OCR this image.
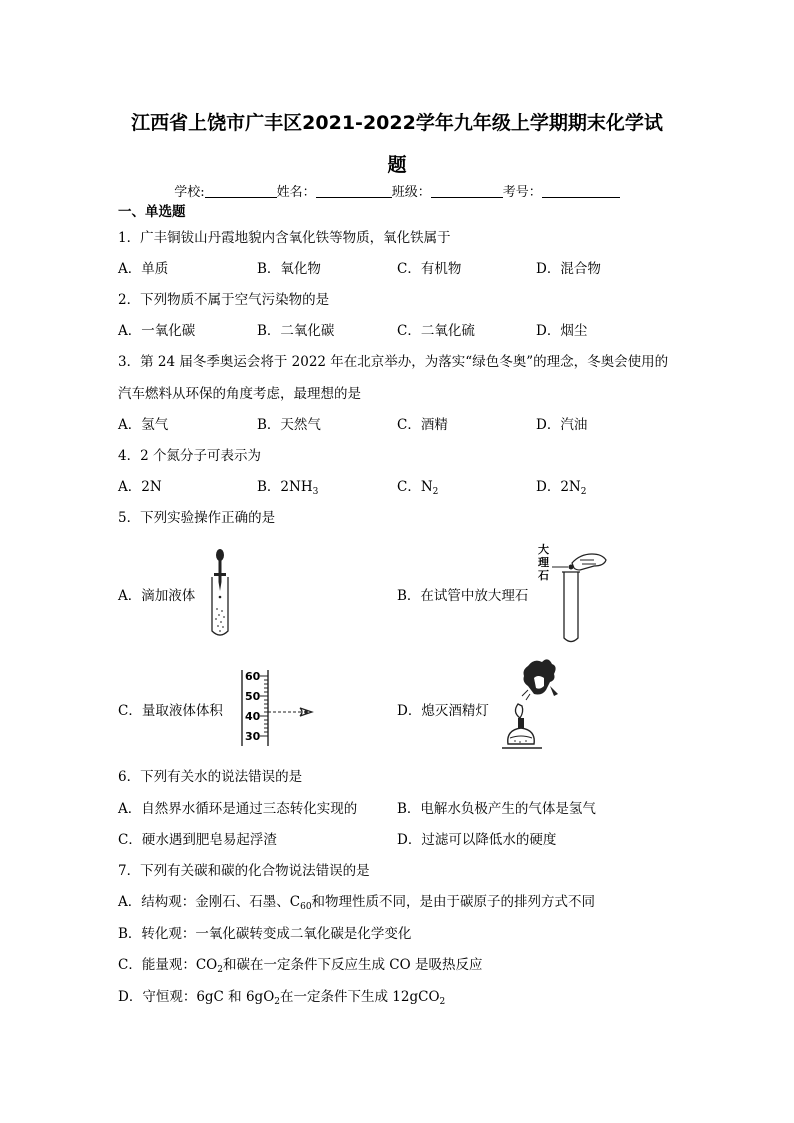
江西省上饶市广丰区2021-2022学年九年级上学期期末化学试
题
学校:	姓名：	班级：	考号：
一、单选题
1．广丰铜钹山丹霞地貌内含氧化铁等物质，氧化铁属于
A．单质	B．氧化物	C．有机物	D．混合物
2．下列物质不属于空气污染物的是
A．一氧化碳	B．二氧化碳	C．二氧化硫	D．烟尘
3．第 24 届冬季奥运会将于 2022 年在北京举办，为落实“绿色冬奥”的理念，冬奥会使用的
汽车燃料从环保的角度考虑，最理想的是
A．氢气	B．天然气	C．酒精	D．汽油
4．2 个氮分子可表示为
A．2N	B．$2NH_3$	C．$N_2$	D．$2N_2$
5．下列实验操作正确的是
A．滴加液体	B．在试管中放大理石
大
理
石
C．量取液体体积
60
50
40
30
D．熄灭酒精灯
6．下列有关水的说法错误的是
A．自然界水循环是通过三态转化实现的	B．电解水负极产生的气体是氢气
C．硬水遇到肥皂易起浮渣	D．过滤可以降低水的硬度
7．下列有关碳和碳的化合物说法错误的是
A．结构观：金刚石、石墨、$C_{60}$和物理性质不同，是由于碳原子的排列方式不同
B．转化观：一氧化碳转变成二氧化碳是化学变化
C．能量观：$CO_2$和碳在一定条件下反应生成 CO 是吸热反应
D．守恒观：6gC 和 $6gO_2$在一定条件下生成 12gCO$_2$
